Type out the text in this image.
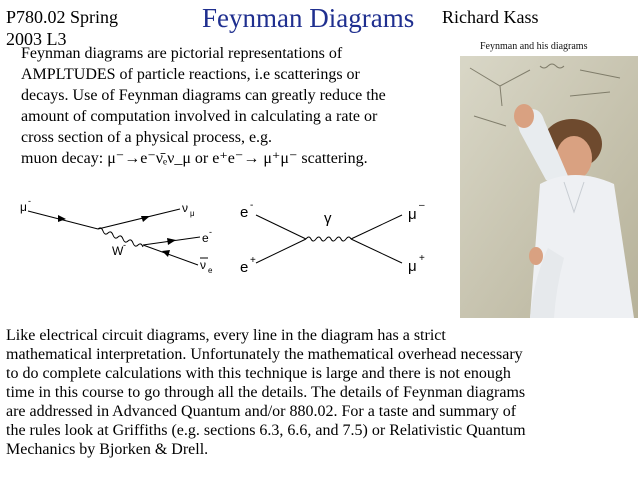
P780.02 Spring
2003 L3
Feynman Diagrams Richard Kass
Feynman diagrams are pictorial representations of
AMPLTUDES of particle reactions, i.e scatterings or
decays. Use of Feynman diagrams can greatly reduce the
amount of computation involved in calculating a rate or
cross section of a physical process, e.g.
muon decay: μ⁻→e⁻ν̄ₑν_μ or e⁺e⁻→ μ⁺μ⁻ scattering.
μ -	ν μ
W -	e -
ν e
e -
e +
γ	μ
–
μ +
Feynman and his diagrams
Like electrical circuit diagrams, every line in the diagram has a strict
mathematical interpretation. Unfortunately the mathematical overhead necessary
to do complete calculations with this technique is large and there is not enough
time in this course to go through all the details. The details of Feynman diagrams
are addressed in Advanced Quantum and/or 880.02. For a taste and summary of
the rules look at Griffiths (e.g. sections 6.3, 6.6, and 7.5) or Relativistic Quantum
Mechanics by Bjorken & Drell.
